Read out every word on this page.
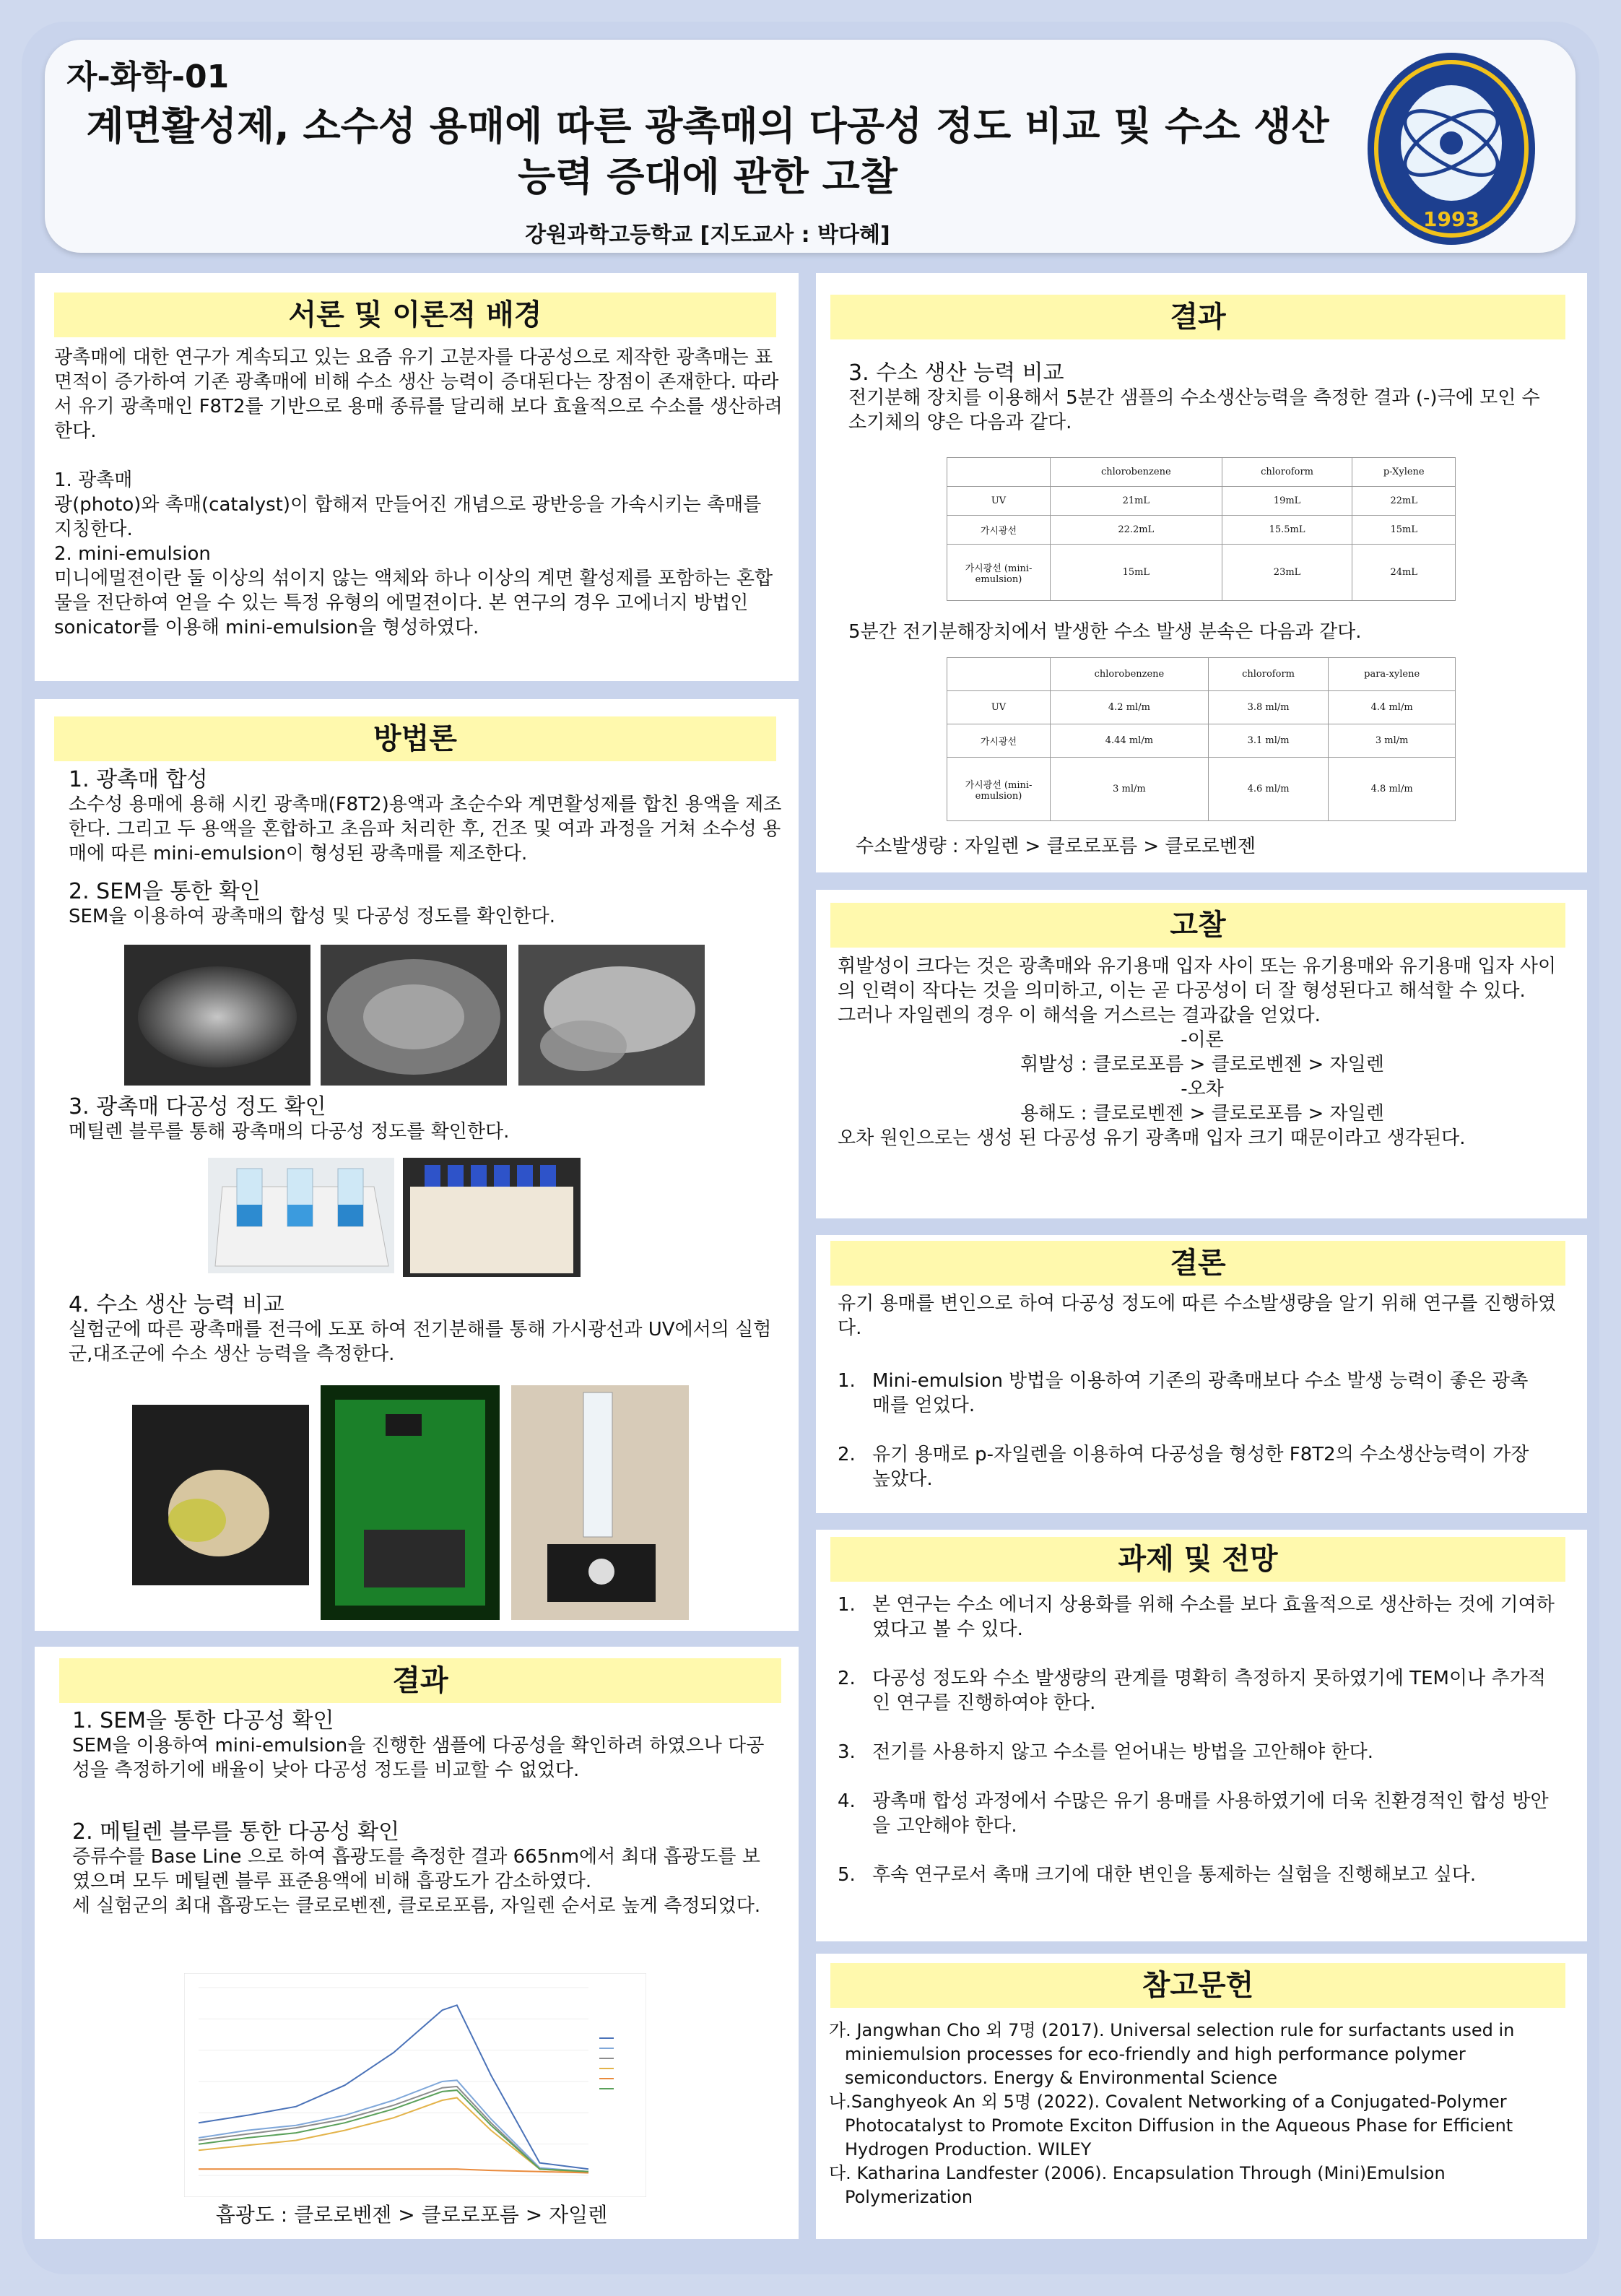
자-화학-01
계면활성제, 소수성 용매에 따른 광촉매의 다공성 정도 비교 및 수소 생산 능력 증대에 관한 고찰
강원과학고등학교 [지도교사 : 박다혜]
1993
서론 및 이론적 배경

광촉매에 대한 연구가 계속되고 있는 요즘 유기 고분자를 다공성으로 제작한 광촉매는 표면적이 증가하여 기존 광촉매에 비해 수소 생산 능력이 증대된다는 장점이 존재한다. 따라서 유기 광촉매인 F8T2를 기반으로 용매 종류를 달리해 보다 효율적으로 수소를 생산하려 한다.

1. 광촉매

광(photo)와 촉매(catalyst)이 합해져 만들어진 개념으로 광반응을 가속시키는 촉매를 지칭한다.

2. mini-emulsion

미니에멀젼이란 둘 이상의 섞이지 않는 액체와 하나 이상의 계면 활성제를 포함하는 혼합물을 전단하여 얻을 수 있는 특정 유형의 에멀젼이다. 본 연구의 경우 고에너지 방법인 sonicator를 이용해 mini-emulsion을 형성하였다.

방법론

1. 광촉매 합성

소수성 용매에 용해 시킨 광촉매(F8T2)용액과 초순수와 계면활성제를 합친 용액을 제조한다. 그리고 두 용액을 혼합하고 초음파 처리한 후, 건조 및 여과 과정을 거쳐 소수성 용매에 따른 mini-emulsion이 형성된 광촉매를 제조한다.

2. SEM을 통한 확인

SEM을 이용하여 광촉매의 합성 및 다공성 정도를 확인한다.

3. 광촉매 다공성 정도 확인

메틸렌 블루를 통해 광촉매의 다공성 정도를 확인한다.

4. 수소 생산 능력 비교

실험군에 따른 광촉매를 전극에 도포 하여 전기분해를 통해 가시광선과 UV에서의 실험군,대조군에 수소 생산 능력을 측정한다.

결과

1. SEM을 통한 다공성 확인

SEM을 이용하여 mini-emulsion을 진행한 샘플에 다공성을 확인하려 하였으나 다공성을 측정하기에 배율이 낮아 다공성 정도를 비교할 수 없었다.

2. 메틸렌 블루를 통한 다공성 확인

증류수를 Base Line 으로 하여 흡광도를 측정한 결과 665nm에서 최대 흡광도를 보였으며 모두 메틸렌 블루 표준용액에 비해 흡광도가 감소하였다.

세 실험군의 최대 흡광도는 클로로벤젠, 클로로포름, 자일렌 순서로 높게 측정되었다.

흡광도 : 클로로벤젠 > 클로로포름 > 자일렌
결과

3. 수소 생산 능력 비교

전기분해 장치를 이용해서 5분간 샘플의 수소생산능력을 측정한 결과 (-)극에 모인 수소기체의 양은 다음과 같다.

	chlorobenzene	chloroform	p-Xylene
UV	21mL	19mL	22mL
가시광선	22.2mL	15.5mL	15mL
가시광선 (mini-emulsion)	15mL	23mL	24mL
5분간 전기분해장치에서 발생한 수소 발생 분속은 다음과 같다.
	chlorobenzene	chloroform	para-xylene
UV	4.2 ml/m	3.8 ml/m	4.4 ml/m
가시광선	4.44 ml/m	3.1 ml/m	3 ml/m
가시광선 (mini-emulsion)	3 ml/m	4.6 ml/m	4.8 ml/m
수소발생량 : 자일렌 > 클로로포름 > 클로로벤젠
고찰

휘발성이 크다는 것은 광촉매와 유기용매 입자 사이 또는 유기용매와 유기용매 입자 사이의 인력이 작다는 것을 의미하고, 이는 곧 다공성이 더 잘 형성된다고 해석할 수 있다.

그러나 자일렌의 경우 이 해석을 거스르는 결과값을 얻었다.

-이론

휘발성 : 클로로포름 > 클로로벤젠 > 자일렌

-오차

용해도 : 클로로벤젠 > 클로로포름 > 자일렌

오차 원인으로는 생성 된 다공성 유기 광촉매 입자 크기 때문이라고 생각된다.

결론

유기 용매를 변인으로 하여 다공성 정도에 따른 수소발생량을 알기 위해 연구를 진행하였다.

1. Mini-emulsion 방법을 이용하여 기존의 광촉매보다 수소 발생 능력이 좋은 광촉매를 얻었다.

2. 유기 용매로 p-자일렌을 이용하여 다공성을 형성한 F8T2의 수소생산능력이 가장 높았다.

과제 및 전망
1. 본 연구는 수소 에너지 상용화를 위해 수소를 보다 효율적으로 생산하는 것에 기여하였다고 볼 수 있다.

2. 다공성 정도와 수소 발생량의 관계를 명확히 측정하지 못하였기에 TEM이나 추가적인 연구를 진행하여야 한다.

3. 전기를 사용하지 않고 수소를 얻어내는 방법을 고안해야 한다.

4. 광촉매 합성 과정에서 수많은 유기 용매를 사용하였기에 더욱 친환경적인 합성 방안을 고안해야 한다.

5. 후속 연구로서 촉매 크기에 대한 변인을 통제하는 실험을 진행해보고 싶다.

참고문헌

가. Jangwhan Cho 외 7명 (2017). Universal selection rule for surfactants used in miniemulsion processes for eco-friendly and high performance polymer semiconductors. Energy & Environmental Science

나.Sanghyeok An 외 5명 (2022). Covalent Networking of a Conjugated-Polymer Photocatalyst to Promote Exciton Diffusion in the Aqueous Phase for Efficient Hydrogen Production. WILEY

다. Katharina Landfester (2006). Encapsulation Through (Mini)Emulsion Polymerization
